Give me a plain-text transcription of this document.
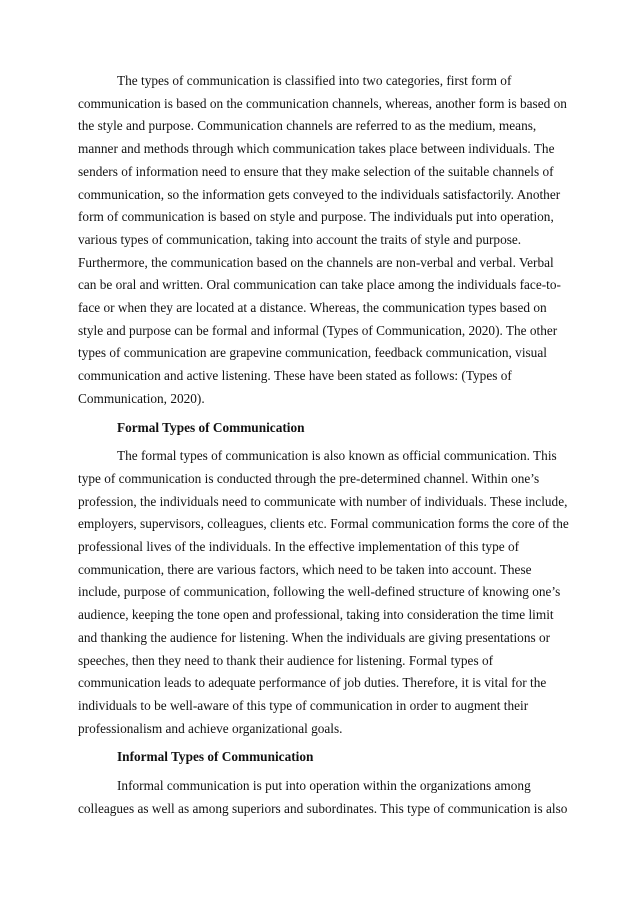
The types of communication is classified into two categories, first form of communication is based on the communication channels, whereas, another form is based on the style and purpose. Communication channels are referred to as the medium, means, manner and methods through which communication takes place between individuals. The senders of information need to ensure that they make selection of the suitable channels of communication, so the information gets conveyed to the individuals satisfactorily. Another form of communication is based on style and purpose. The individuals put into operation, various types of communication, taking into account the traits of style and purpose. Furthermore, the communication based on the channels are non-verbal and verbal. Verbal can be oral and written. Oral communication can take place among the individuals face-to-face or when they are located at a distance. Whereas, the communication types based on style and purpose can be formal and informal (Types of Communication, 2020). The other types of communication are grapevine communication, feedback communication, visual communication and active listening. These have been stated as follows: (Types of Communication, 2020).

Formal Types of Communication

The formal types of communication is also known as official communication. This type of communication is conducted through the pre-determined channel. Within one’s profession, the individuals need to communicate with number of individuals. These include, employers, supervisors, colleagues, clients etc. Formal communication forms the core of the professional lives of the individuals. In the effective implementation of this type of communication, there are various factors, which need to be taken into account. These include, purpose of communication, following the well-defined structure of knowing one’s audience, keeping the tone open and professional, taking into consideration the time limit and thanking the audience for listening. When the individuals are giving presentations or speeches, then they need to thank their audience for listening. Formal types of communication leads to adequate performance of job duties. Therefore, it is vital for the individuals to be well-aware of this type of communication in order to augment their professionalism and achieve organizational goals.

Informal Types of Communication

Informal communication is put into operation within the organizations among colleagues as well as among superiors and subordinates. This type of communication is also
